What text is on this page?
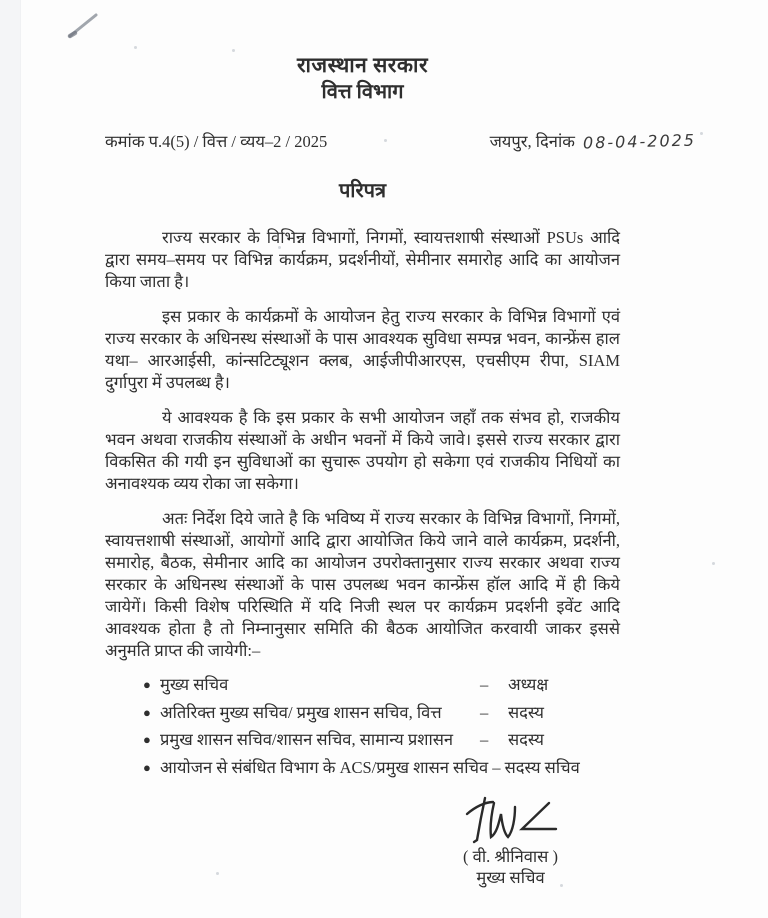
राजस्थान सरकार
वित्त विभाग
कमांक प.4(5) / वित्त / व्यय–2 / 2025	जयपुर, दिनांक 08-04-2025
परिपत्र

राज्य सरकार के विभिन्न विभागों, निगमों, स्वायत्तशाषी संस्थाओं PSUs आदि द्वारा समय–समय पर विभिन्न कार्यक्रम, प्रदर्शनीयों, सेमीनार समारोह आदि का आयोजन किया जाता है।

इस प्रकार के कार्यक्रमों के आयोजन हेतु राज्य सरकार के विभिन्न विभागों एवं राज्य सरकार के अधिनस्थ संस्थाओं के पास आवश्यक सुविधा सम्पन्न भवन, कान्फ्रेंस हाल यथा– आरआईसी, कांन्सटिट्यूशन क्लब, आईजीपीआरएस, एचसीएम रीपा, SIAM दुर्गापुरा में उपलब्ध है।

ये आवश्यक है कि इस प्रकार के सभी आयोजन जहाँ तक संभव हो, राजकीय भवन अथवा राजकीय संस्थाओं के अधीन भवनों में किये जावे। इससे राज्य सरकार द्वारा विकसित की गयी इन सुविधाओं का सुचारू उपयोग हो सकेगा एवं राजकीय निधियों का अनावश्यक व्यय रोका जा सकेगा।

अतः निर्देश दिये जाते है कि भविष्य में राज्य सरकार के विभिन्न विभागों, निगमों, स्वायत्तशाषी संस्थाओं, आयोगों आदि द्वारा आयोजित किये जाने वाले कार्यक्रम, प्रदर्शनी, समारोह, बैठक, सेमीनार आदि का आयोजन उपरोक्तानुसार राज्य सरकार अथवा राज्य सरकार के अधिनस्थ संस्थाओं के पास उपलब्ध भवन कान्फ्रेंस हॉल आदि में ही किये जायेगें। किसी विशेष परिस्थिति में यदि निजी स्थल पर कार्यक्रम प्रदर्शनी इवेंट आदि आवश्यक होता है तो निम्नानुसार समिति की बैठक आयोजित करवायी जाकर इससे अनुमति प्राप्त की जायेगी:–

● मुख्य सचिव	–	अध्यक्ष
● अतिरिक्त मुख्य सचिव/ प्रमुख शासन सचिव, वित्त	–	सदस्य
● प्रमुख शासन सचिव/शासन सचिव, सामान्य प्रशासन	–	सदस्य
● आयोजन से संबंधित विभाग के ACS/प्रमुख शासन सचिव – सदस्य सचिव
( वी. श्रीनिवास )
मुख्य सचिव
